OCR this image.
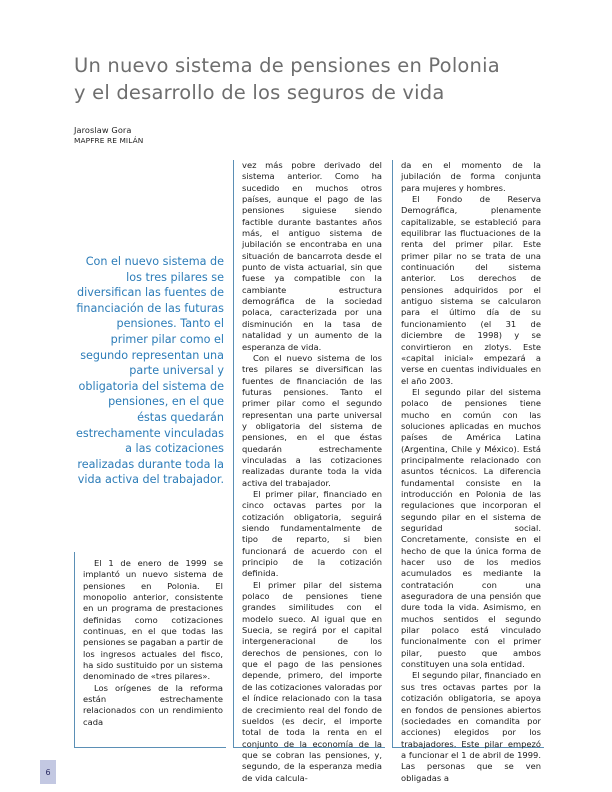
Un nuevo sistema de pensiones en Polonia
y el desarrollo de los seguros de vida
Jaroslaw Gora
MAPFRE RE MILÁN
Con el nuevo sistema de los tres pilares se diversifican las fuentes de financiación de las futuras pensiones. Tanto el primer pilar como el segundo representan una parte universal y obligatoria del sistema de pensiones, en el que éstas quedarán estrechamente vinculadas a las cotizaciones realizadas durante toda la vida activa del trabajador.

El 1 de enero de 1999 se implantó un nuevo sistema de pensiones en Polonia. El monopolio anterior, consistente en un programa de prestaciones definidas como cotizaciones continuas, en el que todas las pensiones se pagaban a partir de los ingresos actuales del fisco, ha sido sustituido por un sistema denominado de «tres pilares».

Los orígenes de la reforma están estrechamente relacionados con un rendimiento cada

vez más pobre derivado del sistema anterior. Como ha sucedido en muchos otros países, aunque el pago de las pensiones siguiese siendo factible durante bastantes años más, el antiguo sistema de jubilación se encontraba en una situación de bancarrota desde el punto de vista actuarial, sin que fuese ya compatible con la cambiante estructura demográfica de la sociedad polaca, caracterizada por una disminución en la tasa de natalidad y un aumento de la esperanza de vida.

Con el nuevo sistema de los tres pilares se diversifican las fuentes de financiación de las futuras pensiones. Tanto el primer pilar como el segundo representan una parte universal y obligatoria del sistema de pensiones, en el que éstas quedarán estrechamente vinculadas a las cotizaciones realizadas durante toda la vida activa del trabajador.

El primer pilar, financiado en cinco octavas partes por la cotización obligatoria, seguirá siendo fundamentalmente de tipo de reparto, si bien funcionará de acuerdo con el principio de la cotización definida.

El primer pilar del sistema polaco de pensiones tiene grandes similitudes con el modelo sueco. Al igual que en Suecia, se regirá por el capital intergeneracional de los derechos de pensiones, con lo que el pago de las pensiones depende, primero, del importe de las cotizaciones valoradas por el índice relacionado con la tasa de crecimiento real del fondo de sueldos (es decir, el importe total de toda la renta en el conjunto de la economía de la que se cobran las pensiones, y, segundo, de la esperanza media de vida calcula-

da en el momento de la jubilación de forma conjunta para mujeres y hombres.

El Fondo de Reserva Demográfica, plenamente capitalizable, se estableció para equilibrar las fluctuaciones de la renta del primer pilar. Este primer pilar no se trata de una continuación del sistema anterior. Los derechos de pensiones adquiridos por el antiguo sistema se calcularon para el último día de su funcionamiento (el 31 de diciembre de 1998) y se convirtieron en zlotys. Este «capital inicial» empezará a verse en cuentas individuales en el año 2003.

El segundo pilar del sistema polaco de pensiones tiene mucho en común con las soluciones aplicadas en muchos países de América Latina (Argentina, Chile y México). Está principalmente relacionado con asuntos técnicos. La diferencia fundamental consiste en la introducción en Polonia de las regulaciones que incorporan el segundo pilar en el sistema de seguridad social. Concretamente, consiste en el hecho de que la única forma de hacer uso de los medios acumulados es mediante la contratación con una aseguradora de una pensión que dure toda la vida. Asimismo, en muchos sentidos el segundo pilar polaco está vinculado funcionalmente con el primer pilar, puesto que ambos constituyen una sola entidad.

El segundo pilar, financiado en sus tres octavas partes por la cotización obligatoria, se apoya en fondos de pensiones abiertos (sociedades en comandita por acciones) elegidos por los trabajadores. Este pilar empezó a funcionar el 1 de abril de 1999. Las personas que se ven obligadas a

6
